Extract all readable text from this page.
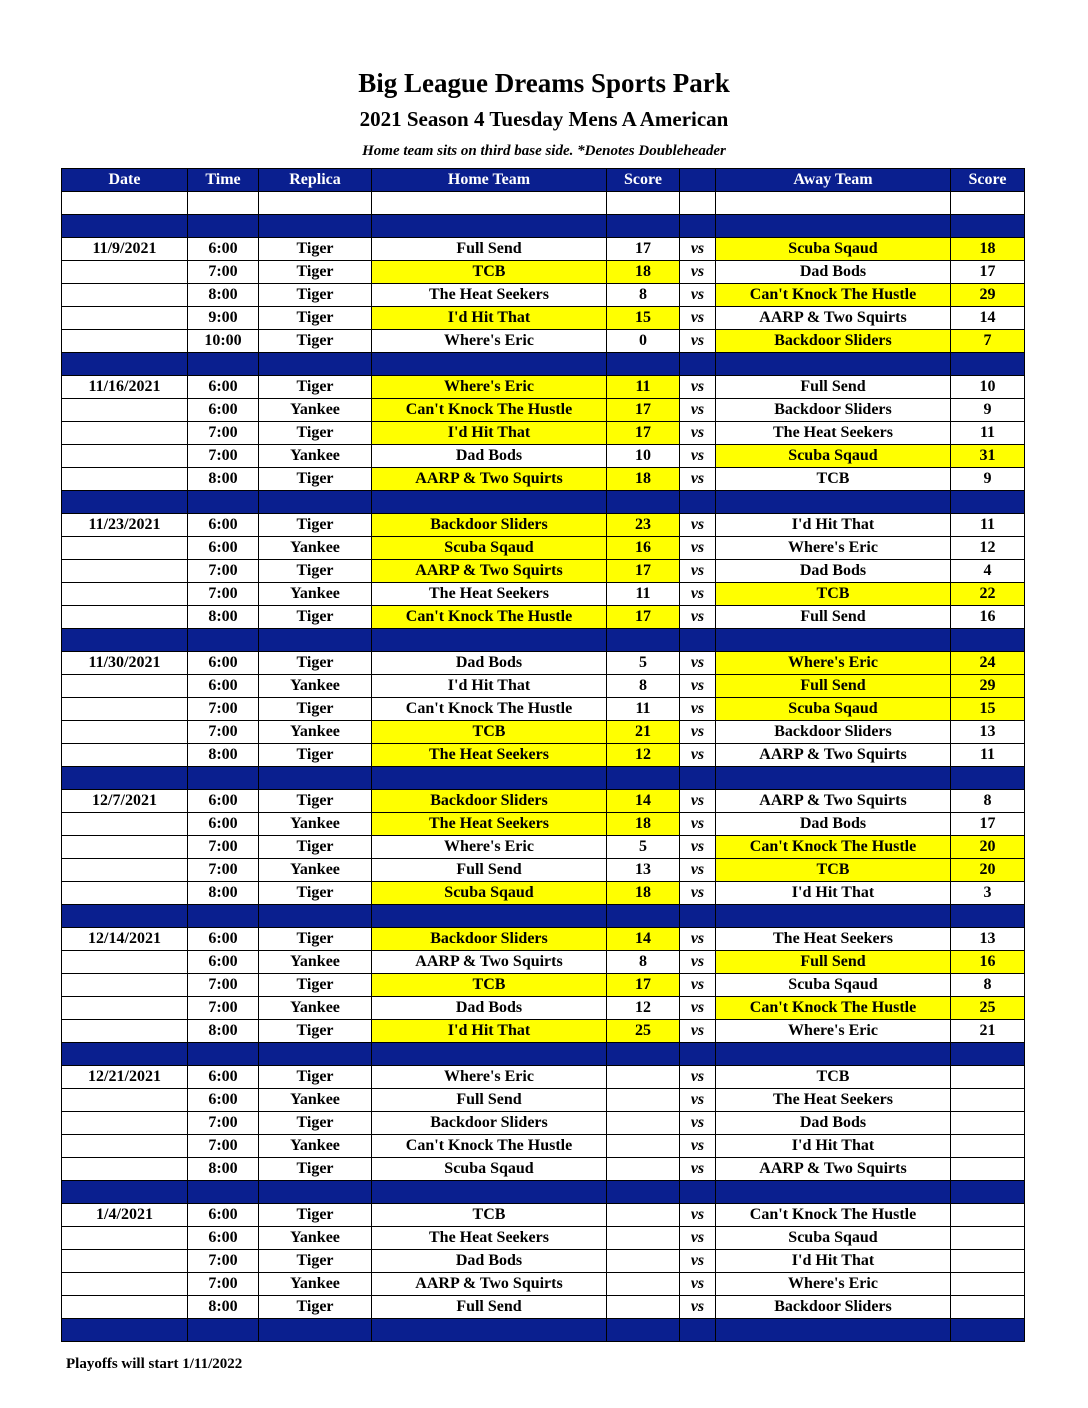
Big League Dreams Sports Park
2021 Season 4 Tuesday Mens A American
Home team sits on third base side. *Denotes Doubleheader
Date	Time	Replica	Home Team	Score		Away Team	Score

11/9/2021	6:00	Tiger	Full Send	17	vs	Scuba Sqaud	18
	7:00	Tiger	TCB	18	vs	Dad Bods	17
	8:00	Tiger	The Heat Seekers	8	vs	Can't Knock The Hustle	29
	9:00	Tiger	I'd Hit That	15	vs	AARP & Two Squirts	14
	10:00	Tiger	Where's Eric	0	vs	Backdoor Sliders	7

11/16/2021	6:00	Tiger	Where's Eric	11	vs	Full Send	10
	6:00	Yankee	Can't Knock The Hustle	17	vs	Backdoor Sliders	9
	7:00	Tiger	I'd Hit That	17	vs	The Heat Seekers	11
	7:00	Yankee	Dad Bods	10	vs	Scuba Sqaud	31
	8:00	Tiger	AARP & Two Squirts	18	vs	TCB	9

11/23/2021	6:00	Tiger	Backdoor Sliders	23	vs	I'd Hit That	11
	6:00	Yankee	Scuba Sqaud	16	vs	Where's Eric	12
	7:00	Tiger	AARP & Two Squirts	17	vs	Dad Bods	4
	7:00	Yankee	The Heat Seekers	11	vs	TCB	22
	8:00	Tiger	Can't Knock The Hustle	17	vs	Full Send	16

11/30/2021	6:00	Tiger	Dad Bods	5	vs	Where's Eric	24
	6:00	Yankee	I'd Hit That	8	vs	Full Send	29
	7:00	Tiger	Can't Knock The Hustle	11	vs	Scuba Sqaud	15
	7:00	Yankee	TCB	21	vs	Backdoor Sliders	13
	8:00	Tiger	The Heat Seekers	12	vs	AARP & Two Squirts	11

12/7/2021	6:00	Tiger	Backdoor Sliders	14	vs	AARP & Two Squirts	8
	6:00	Yankee	The Heat Seekers	18	vs	Dad Bods	17
	7:00	Tiger	Where's Eric	5	vs	Can't Knock The Hustle	20
	7:00	Yankee	Full Send	13	vs	TCB	20
	8:00	Tiger	Scuba Sqaud	18	vs	I'd Hit That	3

12/14/2021	6:00	Tiger	Backdoor Sliders	14	vs	The Heat Seekers	13
	6:00	Yankee	AARP & Two Squirts	8	vs	Full Send	16
	7:00	Tiger	TCB	17	vs	Scuba Sqaud	8
	7:00	Yankee	Dad Bods	12	vs	Can't Knock The Hustle	25
	8:00	Tiger	I'd Hit That	25	vs	Where's Eric	21

12/21/2021	6:00	Tiger	Where's Eric		vs	TCB	
	6:00	Yankee	Full Send		vs	The Heat Seekers	
	7:00	Tiger	Backdoor Sliders		vs	Dad Bods	
	7:00	Yankee	Can't Knock The Hustle		vs	I'd Hit That	
	8:00	Tiger	Scuba Sqaud		vs	AARP & Two Squirts	

1/4/2021	6:00	Tiger	TCB		vs	Can't Knock The Hustle	
	6:00	Yankee	The Heat Seekers		vs	Scuba Sqaud	
	7:00	Tiger	Dad Bods		vs	I'd Hit That	
	7:00	Yankee	AARP & Two Squirts		vs	Where's Eric	
	8:00	Tiger	Full Send		vs	Backdoor Sliders	

Playoffs will start 1/11/2022
